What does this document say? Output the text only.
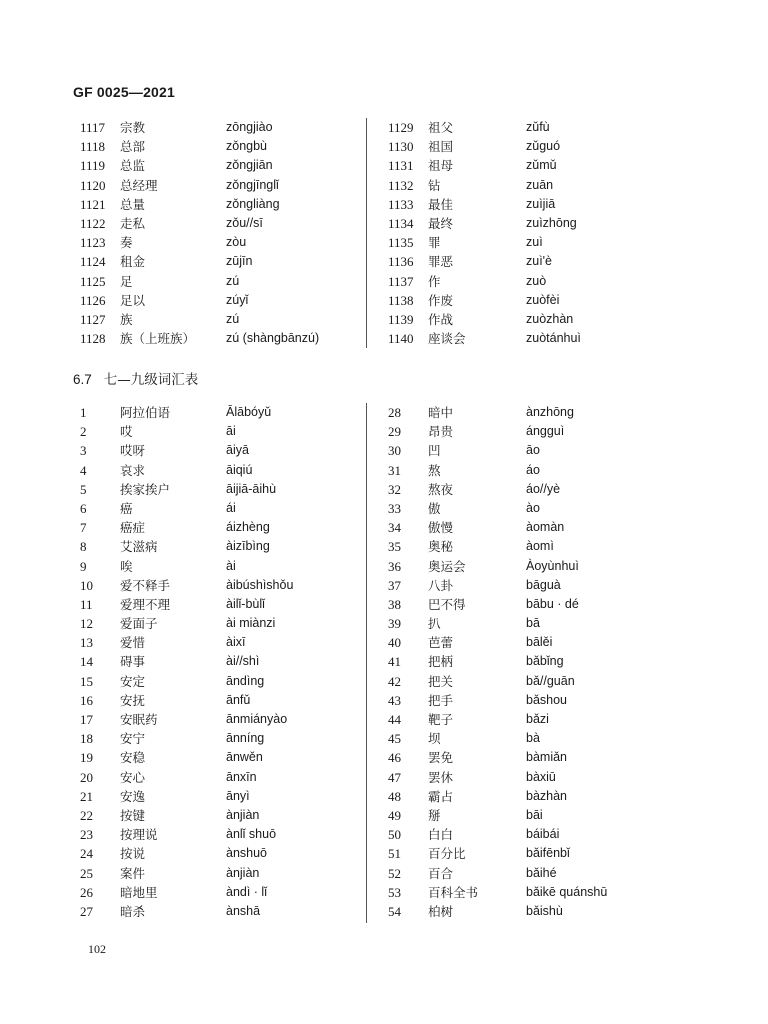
GF 0025—2021
1117 宗教	zōngjiào
1118 总部	zǒngbù
1119 总监	zǒngjiān
1120 总经理	zǒngjīnglǐ
1121 总量	zǒngliàng
1122 走私	zǒu//sī
1123 奏	zòu
1124 租金	zūjīn
1125 足	zú
1126 足以	zúyǐ
1127 族	zú
1128 族（上班族） zú (shàngbānzú)
1129 祖父	zǔfù
1130 祖国	zǔguó
1131 祖母	zǔmǔ
1132 钻	zuān
1133 最佳	zuìjiā
1134 最终	zuìzhōng
1135 罪	zuì
1136 罪恶	zuì'è
1137 作	zuò
1138 作废	zuòfèi
1139 作战	zuòzhàn
1140 座谈会	zuòtánhuì
6.7 七—九级词汇表
1	阿拉伯语	Ālābóyǔ
2	哎	āi
3	哎呀	āiyā
4	哀求	āiqiú
5	挨家挨户	āijiā-āihù
6	癌	ái
7	癌症	áizhèng
8	艾滋病	àizībìng
9	唉	ài
10 爱不释手	àibúshìshǒu
11 爱理不理	àilǐ-bùlǐ
12 爱面子	ài miànzi
13 爱惜	àixī
14 碍事	ài//shì
15 安定	āndìng
16 安抚	ānfǔ
17 安眠药	ānmiányào
18 安宁	ānníng
19 安稳	ānwěn
20 安心	ānxīn
21 安逸	ānyì
22 按键	ànjiàn
23 按理说	ànlǐ shuō
24 按说	ànshuō
25 案件	ànjiàn
26 暗地里	àndì · lǐ
27 暗杀	ànshā
28 暗中	ànzhōng
29 昂贵	ángguì
30 凹	āo
31 熬	áo
32 熬夜	áo//yè
33 傲	ào
34 傲慢	àomàn
35 奥秘	àomì
36 奥运会	Àoyùnhuì
37 八卦	bāguà
38 巴不得	bābu · dé
39 扒	bā
40 芭蕾	bālěi
41 把柄	bǎbǐng
42 把关	bǎ//guān
43 把手	bǎshou
44 靶子	bǎzi
45 坝	bà
46 罢免	bàmiǎn
47 罢休	bàxiū
48 霸占	bàzhàn
49 掰	bāi
50 白白	báibái
51 百分比	bǎifēnbǐ
52 百合	bǎihé
53 百科全书	bǎikē quánshū
54 柏树	bǎishù
102
